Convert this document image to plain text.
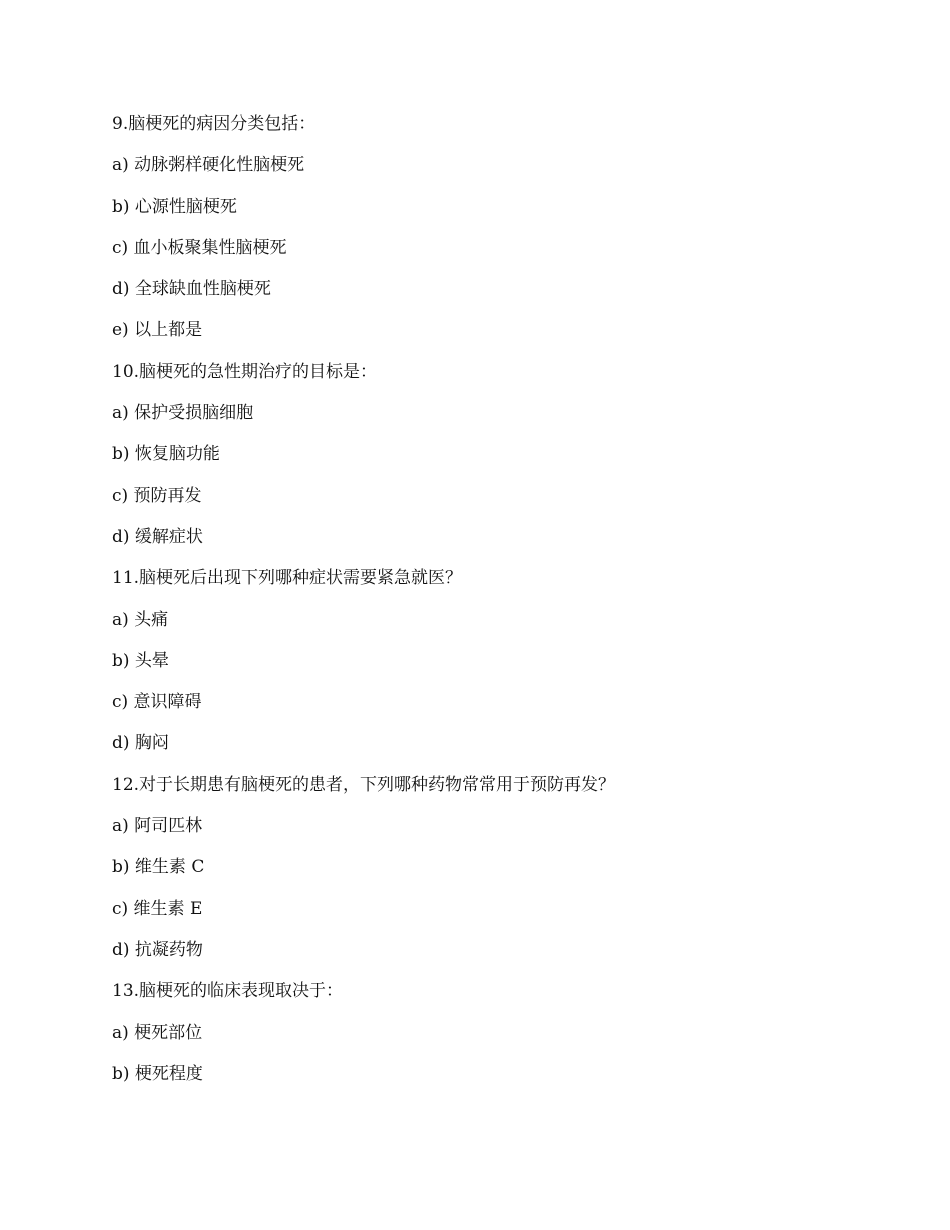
9.脑梗死的病因分类包括：
a) 动脉粥样硬化性脑梗死
b) 心源性脑梗死
c) 血小板聚集性脑梗死
d) 全球缺血性脑梗死
e) 以上都是
10.脑梗死的急性期治疗的目标是：
a) 保护受损脑细胞
b) 恢复脑功能
c) 预防再发
d) 缓解症状
11.脑梗死后出现下列哪种症状需要紧急就医？
a) 头痛
b) 头晕
c) 意识障碍
d) 胸闷
12.对于长期患有脑梗死的患者，下列哪种药物常常用于预防再发？
a) 阿司匹林
b) 维生素 C
c) 维生素 E
d) 抗凝药物
13.脑梗死的临床表现取决于：
a) 梗死部位
b) 梗死程度
